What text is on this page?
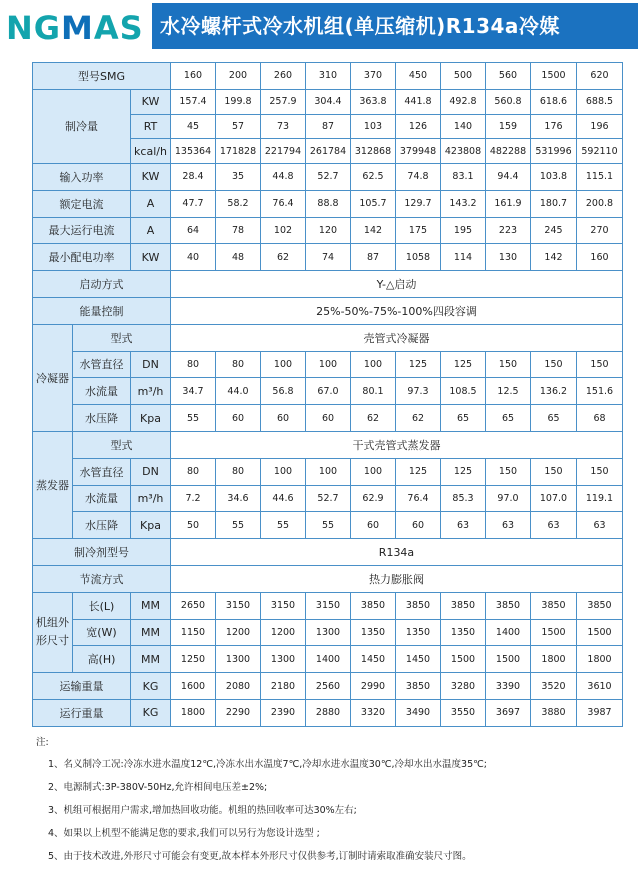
NGMAS 水冷螺杆式冷水机组(单压缩机)R134a冷媒
型号SMG			160	200	260	310	370	450	500	560	1500	620
制冷量		KW	157.4	199.8	257.9	304.4	363.8	441.8	492.8	560.8	618.6	688.5
		RT	45	57	73	87	103	126	140	159	176	196
		kcal/h	135364	171828	221794	261784	312868	379948	423808	482288	531996	592110
输入功率		KW	28.4	35	44.8	52.7	62.5	74.8	83.1	94.4	103.8	115.1
额定电流		A	47.7	58.2	76.4	88.8	105.7	129.7	143.2	161.9	180.7	200.8
最大运行电流		A	64	78	102	120	142	175	195	223	245	270
最小配电功率		KW	40	48	62	74	87	1058	114	130	142	160
启动方式			Y-△启动									
能量控制			25%-50%-75%-100%四段容调									
冷凝器	型式		壳管式冷凝器									
	水管直径	DN	80	80	100	100	100	125	125	150	150	150
	水流量	m³/h	34.7	44.0	56.8	67.0	80.1	97.3	108.5	12.5	136.2	151.6
	水压降	Kpa	55	60	60	60	62	62	65	65	65	68
蒸发器	型式		干式壳管式蒸发器									
	水管直径	DN	80	80	100	100	100	125	125	150	150	150
	水流量	m³/h	7.2	34.6	44.6	52.7	62.9	76.4	85.3	97.0	107.0	119.1
	水压降	Kpa	50	55	55	55	60	60	63	63	63	63
制冷剂型号			R134a									
节流方式			热力膨胀阀									

机组外
形尺寸	长(L)	MM	2650	3150	3150	3150	3850	3850	3850	3850	3850	3850
	宽(W)	MM	1150	1200	1200	1300	1350	1350	1350	1400	1500	1500
	高(H)	MM	1250	1300	1300	1400	1450	1450	1500	1500	1800	1800
运输重量		KG	1600	2080	2180	2560	2990	3850	3280	3390	3520	3610
运行重量		KG	1800	2290	2390	2880	3320	3490	3550	3697	3880	3987
注:
1、名义制冷工况:冷冻水进水温度12℃,冷冻水出水温度7℃,冷却水进水温度30℃,冷却水出水温度35℃;
2、电源制式:3P-380V-50Hz,允许相间电压差±2%;
3、机组可根据用户需求,增加热回收功能。机组的热回收率可达30%左右;
4、如果以上机型不能满足您的要求,我们可以另行为您设计选型 ;
5、由于技术改进,外形尺寸可能会有变更,故本样本外形尺寸仅供参考,订制时请索取准确安装尺寸图。
